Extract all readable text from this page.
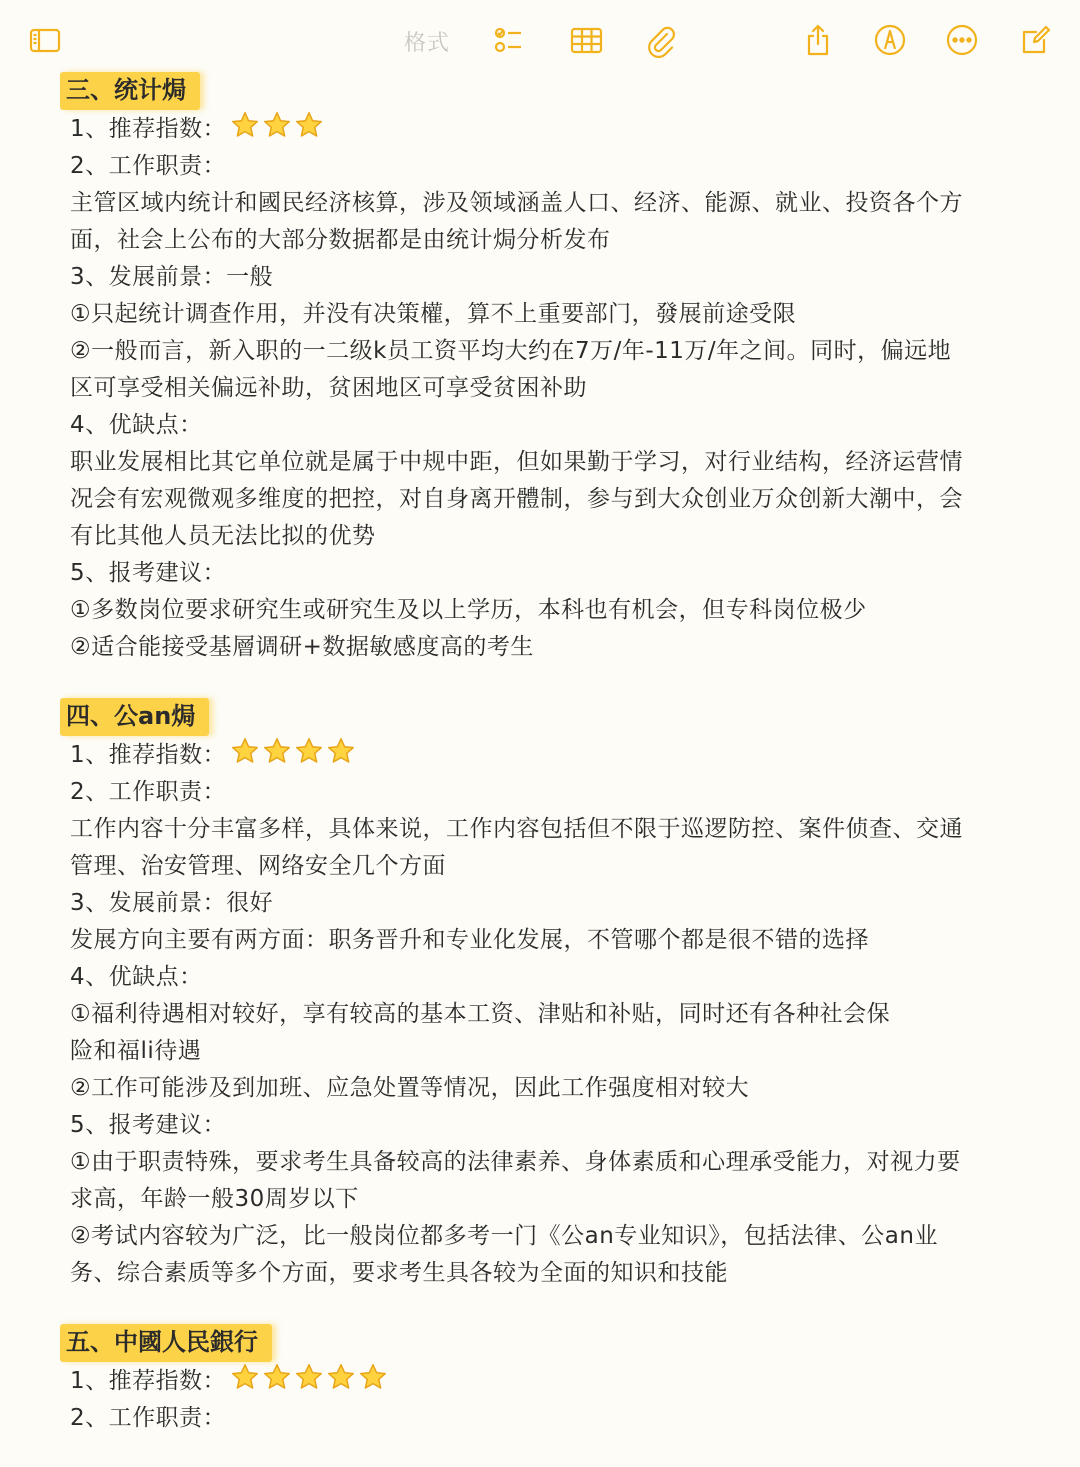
格式
三、统计焗
1、推荐指数：
2、工作职责：
主管区域内统计和國民经济核算，涉及领域涵盖人口、经济、能源、就业、投资各个方
面，社会上公布的大部分数据都是由统计焗分析发布
3、发展前景：一般
①只起统计调查作用，并没有决策權，算不上重要部门，發展前途受限
②一般而言，新入职的一二级k员工资平均大约在7万/年-11万/年之间。同时，偏远地
区可享受相关偏远补助，贫困地区可享受贫困补助
4、优缺点：
职业发展相比其它单位就是属于中规中距，但如果勤于学习，对行业结构，经济运营情
况会有宏观微观多维度的把控，对自身离开體制，参与到大众创业万众创新大潮中，会
有比其他人员无法比拟的优势
5、报考建议：
①多数岗位要求研究生或研究生及以上学历，本科也有机会，但专科岗位极少
②适合能接受基層调研+数据敏感度高的考生
四、公an焗
1、推荐指数：
2、工作职责：
工作内容十分丰富多样，具体来说，工作内容包括但不限于巡逻防控、案件侦查、交通
管理、治安管理、网络安全几个方面
3、发展前景：很好
发展方向主要有两方面：职务晋升和专业化发展，不管哪个都是很不错的选择
4、优缺点：
①福利待遇相对较好，享有较高的基本工资、津贴和补贴，同时还有各种社会保
险和福li待遇
②工作可能涉及到加班、应急处置等情况，因此工作强度相对较大
5、报考建议：
①由于职责特殊，要求考生具备较高的法律素养、身体素质和心理承受能力，对视力要
求高，年龄一般30周岁以下
②考试内容较为广泛，比一般岗位都多考一门《公an专业知识》，包括法律、公an业
务、综合素质等多个方面，要求考生具各较为全面的知识和技能
五、中國人民銀行
1、推荐指数：
2、工作职责：
